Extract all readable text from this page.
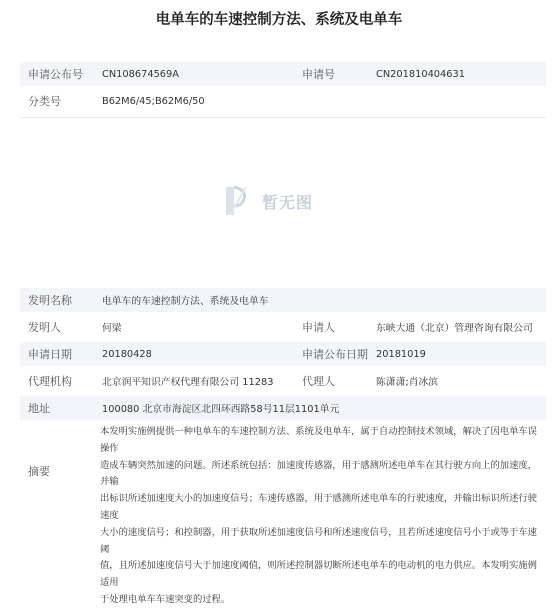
电单车的车速控制方法、系统及电单车
申请公布号 CN108674569A	申请号	CN201810404631
分类号	B62M6/45;B62M6/50
暂无图
发明名称	电单车的车速控制方法、系统及电单车
发明人	何梁	申请人	东峡大通（北京）管理咨询有限公司
申请日期	20180428	申请公布日期 20181019
代理机构	北京润平知识产权代理有限公司 11283	代理人	陈潇潇;肖冰滨
地址	100080 北京市海淀区北四环西路58号11层1101单元
摘要
本发明实施例提供一种电单车的车速控制方法、系统及电单车，属于自动控制技术领域，解决了因电单车误操作
造成车辆突然加速的问题。所述系统包括：加速度传感器，用于感测所述电单车在其行驶方向上的加速度，并输
出标识所述加速度大小的加速度信号；车速传感器，用于感测所述电单车的行驶速度，并输出标识所述行驶速度
大小的速度信号；和控制器，用于获取所述加速度信号和所述速度信号，且若所述速度信号小于或等于车速阈
值，且所述加速度信号大于加速度阈值，则所述控制器切断所述电单车的电动机的电力供应。本发明实施例适用
于处理电单车车速突变的过程。
